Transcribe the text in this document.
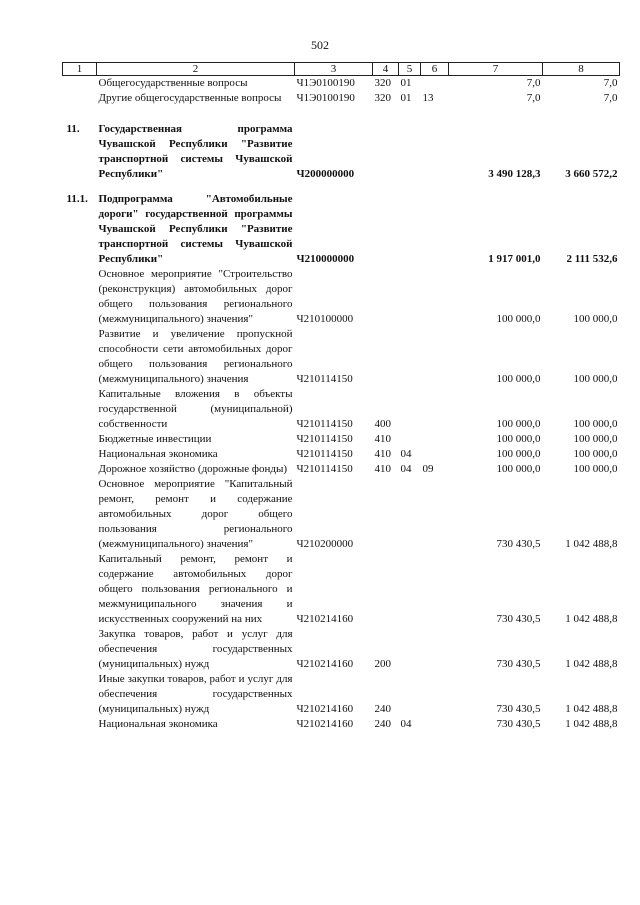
502
1	2	3	4	5	6	7	8
	Общегосударственные вопросы	Ч1Э0100190	320	01		7,0	7,0
	Другие общегосударственные вопросы	Ч1Э0100190	320	01	13	7,0	7,0

11.	Государственная программа Чувашской Республики "Развитие транспортной системы Чувашской Республики"	Ч200000000				3 490 128,3	3 660 572,2

11.1.	Подпрограмма "Автомобильные дороги" государственной программы Чувашской Республики "Развитие транспортной системы Чувашской Республики"	Ч210000000				1 917 001,0	2 111 532,6
	Основное мероприятие "Строительство (реконструкция) автомобильных дорог общего пользования регионального (межмуниципального) значения"	Ч210100000				100 000,0	100 000,0
	Развитие и увеличение пропускной способности сети автомобильных дорог общего пользования регионального (межмуниципального) значения	Ч210114150				100 000,0	100 000,0
	Капитальные вложения в объекты государственной (муниципальной) собственности	Ч210114150	400			100 000,0	100 000,0
	Бюджетные инвестиции	Ч210114150	410			100 000,0	100 000,0
	Национальная экономика	Ч210114150	410	04		100 000,0	100 000,0
	Дорожное хозяйство (дорожные фонды)	Ч210114150	410	04	09	100 000,0	100 000,0
	Основное мероприятие "Капитальный ремонт, ремонт и содержание автомобильных дорог общего пользования регионального (межмуниципального) значения"	Ч210200000				730 430,5	1 042 488,8
	Капитальный ремонт, ремонт и содержание автомобильных дорог общего пользования регионального и межмуниципального значения и искусственных сооружений на них	Ч210214160				730 430,5	1 042 488,8
	Закупка товаров, работ и услуг для обеспечения государственных (муниципальных) нужд	Ч210214160	200			730 430,5	1 042 488,8
	Иные закупки товаров, работ и услуг для обеспечения государственных (муниципальных) нужд	Ч210214160	240			730 430,5	1 042 488,8
	Национальная экономика	Ч210214160	240	04		730 430,5	1 042 488,8
